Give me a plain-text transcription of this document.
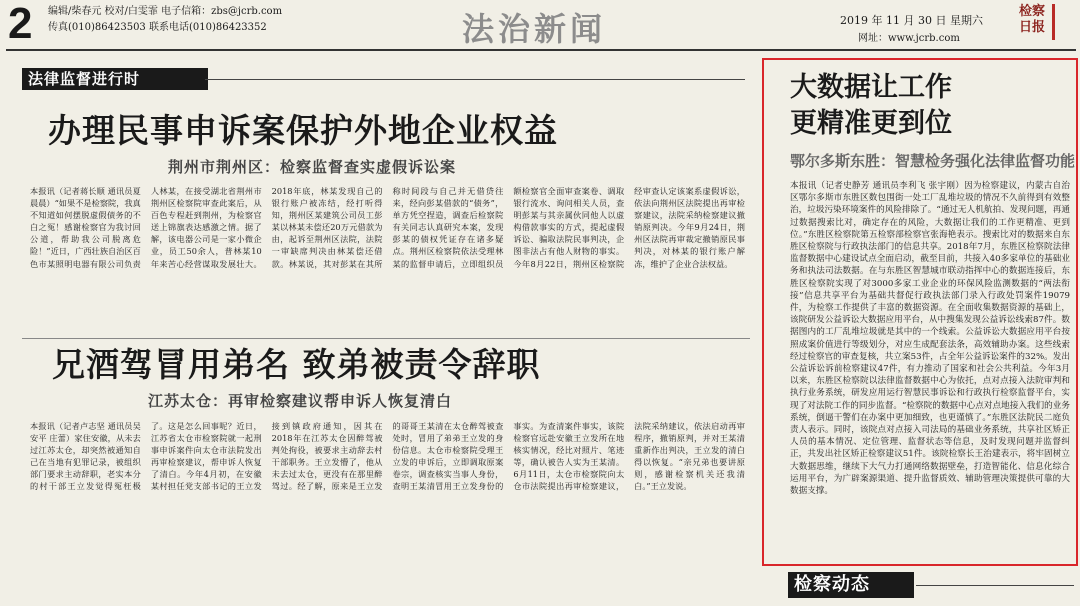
2 编辑/柴春元 校对/白雯霏 电子信箱：zbs@jcrb.com
传真(010)86423503 联系电话(010)86423352	法治新闻	2019 年 11 月 30 日 星期六
网址：www.jcrb.com
检察
日报
法律监督进行时
办理民事申诉案保护外地企业权益
荆州市荆州区：检察监督查实虚假诉讼案
本报讯（记者蒋长顺 通讯员夏晨晨）“如果不是检察院，我真不知道如何摆脱虚假债务的不白之冤！感谢检察官为我讨回公道，帮助我公司脱离危险！”近日，广西壮族自治区百色市某照明电器有限公司负责人林某，在接受湖北省荆州市荆州区检察院审查此案后，从百色专程赶到荆州，为检察官送上锦旗表达感激之情。据了解，该电器公司是一家小微企业，员工50余人，普林某10年来苦心经营谋取发展壮大。2018年底，林某发现自己的银行账户被冻结，经打听得知，荆州区某建筑公司员工彭某以林某未偿还20万元借款为由，起诉至荆州区法院，法院一审缺席判决由林某偿还借款。林某说，其对彭某在其所称时间段与自己并无借贷往来，经向彭某借款的“债务”，单方凭空捏造，调查后检察院有关同志认真研究本案，发现彭某的债权凭证存在诸多疑点。荆州区检察院依法受理林某的监督申请后，立即组织员额检察官全面审查案卷、调取银行流水、询问相关人员，查明彭某与其亲属伙同他人以虚构借款事实的方式，提起虚假诉讼、骗取法院民事判决，企图非法占有他人财物的事实。今年8月22日，荆州区检察院经审查认定该案系虚假诉讼，依法向荆州区法院提出再审检察建议，法院采纳检察建议撤销原判决。今年9月24日，荆州区法院再审裁定撤销原民事判决，对林某的银行账户解冻，维护了企业合法权益。
兄酒驾冒用弟名 致弟被责令辞职
江苏太仓：再审检察建议帮申诉人恢复清白
本报讯（记者卢志坚 通讯员吴安平 庄蕾）家住安徽，从未去过江苏太仓，却突然被通知自己在当地有犯罪记录，被组织部门要求主动辞职，老实本分的村干部王立发觉得冤枉极了。这是怎么回事呢？近日，江苏省太仓市检察院就一起刑事申诉案件向太仓市法院发出再审检察建议，帮申诉人恢复了清白。今年4月初，在安徽某村担任党支部书记的王立发接到镇政府通知，因其在2018年在江苏太仓因醉驾被判处拘役，被要求主动辞去村干部职务。王立发懵了，他从未去过太仓，更没有在那里醉驾过。经了解，原来是王立发的哥哥王某清在太仓醉驾被查处时，冒用了弟弟王立发的身份信息。太仓市检察院受理王立发的申诉后，立即调取原案卷宗，调查核实当事人身份，查明王某清冒用王立发身份的事实。为查清案件事实，该院检察官远赴安徽王立发所在地核实情况，经比对照片、笔迹等，确认被告人实为王某清。6月11日，太仓市检察院向太仓市法院提出再审检察建议，法院采纳建议，依法启动再审程序，撤销原判，并对王某清重新作出判决，王立发的清白得以恢复。“亲兄弟也要讲原则，感谢检察机关还我清白。”王立发说。
大数据让工作
更精准更到位
鄂尔多斯东胜：智慧检务强化法律监督功能
本报讯（记者史静芳 通讯员李利飞 张宇刚）因为检察建议，内蒙古自治区鄂尔多斯市东胜区数包围街一处工厂乱堆垃圾的情况不久前得到有效整治，垃圾污染环境案件的风险排除了。“通过无人机航拍、发现问题，再通过数据搜索比对，确定存在的风险，大数据让我们的工作更精准、更到位。”东胜区检察院第五检察部检察官张海艳表示。搜索比对的数据来自东胜区检察院与行政执法部门的信息共享。2018年7月，东胜区检察院法律监督数据中心建设试点全面启动，截至目前，共接入40多家单位的基础业务和执法司法数据。在与东胜区智慧城市联动指挥中心的数据连接后，东胜区检察院实现了对3000多家工业企业的环保风险监测数据的“两法衔接”信息共享平台为基础共督促行政执法部门录入行政处罚案件19079件，为检察工作提供了丰富的数据资源。在全面收集数据资源的基础上，该院研发公益诉讼大数据应用平台，从中搜集发现公益诉讼线索87件。数据图内的工厂乱堆垃圾就是其中的一个线索。公益诉讼大数据应用平台按照成案价值进行等级划分，对应生成配套法条，高效辅助办案。这些线索经过检察官的审查复核，共立案53件，占全年公益诉讼案件的32%。发出公益诉讼诉前检察建议47件，有力推动了国家和社会公共利益。今年3月以来，东胜区检察院以法律监督数据中心为依托，点对点接入法院审判和执行业务系统，研发应用运行智慧民事诉讼和行政执行检察监督平台，实现了对法院工作的同步监督。“检察院的数据中心点对点地接入我们的业务系统，倒逼干警们在办案中更加细致，也更谨慎了。”东胜区法院民二庭负责人表示。同时，该院点对点接入司法局的基础业务系统，共享社区矫正人员的基本情况、定位管理、监督状态等信息，及时发现问题并监督纠正，共发出社区矫正检察建议51件。该院检察长王治建表示，将牢固树立大数据思维，继续下大气力打通网络数据壁垒，打造智能化、信息化综合运用平台，为广辟案源渠道、提升监督质效、辅助管理决策提供可靠的大数据支撑。
检察动态
